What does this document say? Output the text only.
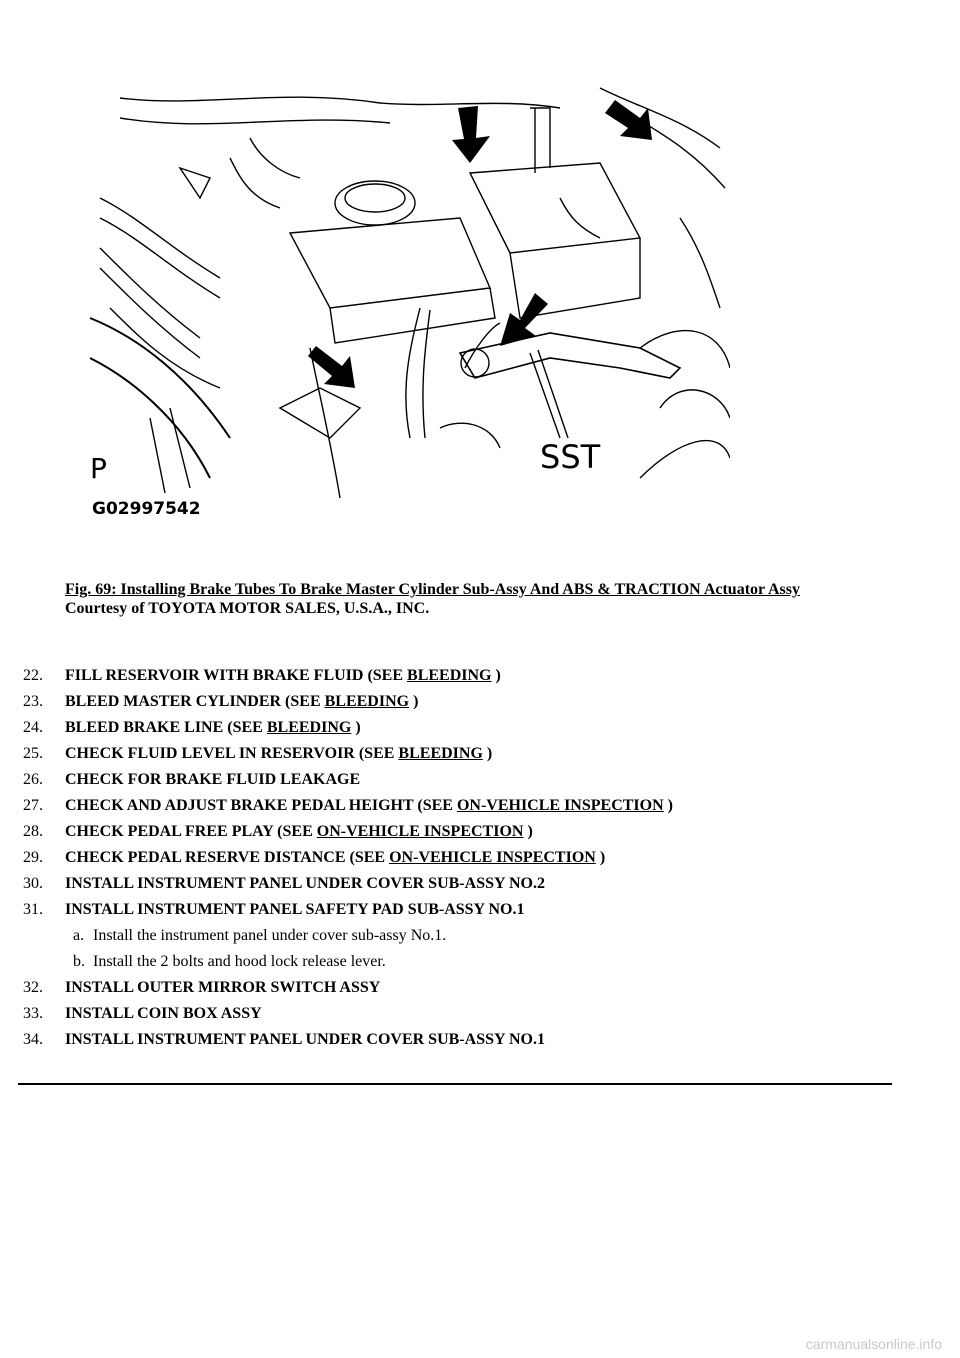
P	SST
G02997542
Fig. 69: Installing Brake Tubes To Brake Master Cylinder Sub-Assy And ABS & TRACTION Actuator Assy
Courtesy of TOYOTA MOTOR SALES, U.S.A., INC.
22. FILL RESERVOIR WITH BRAKE FLUID (SEE BLEEDING )
23. BLEED MASTER CYLINDER (SEE BLEEDING )
24. BLEED BRAKE LINE (SEE BLEEDING )
25. CHECK FLUID LEVEL IN RESERVOIR (SEE BLEEDING )
26. CHECK FOR BRAKE FLUID LEAKAGE
27. CHECK AND ADJUST BRAKE PEDAL HEIGHT (SEE ON-VEHICLE INSPECTION )
28. CHECK PEDAL FREE PLAY (SEE ON-VEHICLE INSPECTION )
29. CHECK PEDAL RESERVE DISTANCE (SEE ON-VEHICLE INSPECTION )
30. INSTALL INSTRUMENT PANEL UNDER COVER SUB-ASSY NO.2
31. INSTALL INSTRUMENT PANEL SAFETY PAD SUB-ASSY NO.1
a. Install the instrument panel under cover sub-assy No.1.
b. Install the 2 bolts and hood lock release lever.
32. INSTALL OUTER MIRROR SWITCH ASSY
33. INSTALL COIN BOX ASSY
34. INSTALL INSTRUMENT PANEL UNDER COVER SUB-ASSY NO.1
carmanualsonline.info
